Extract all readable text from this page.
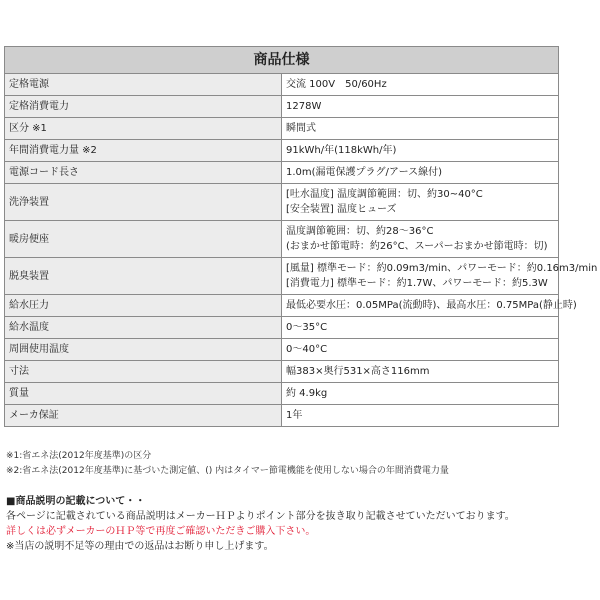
商品仕様	
定格電源	交流 100V　50/60Hz

定格消費電力	1278W

区分 ※1	瞬間式

年間消費電力量 ※2	91kWh/年(118kWh/年)

電源コード長さ	1.0m(漏電保護プラグ/アース線付)

洗浄装置	[吐水温度] 温度調節範囲：切、約30~40°C
[安全装置] 温度ヒューズ

暖房便座	温度調節範囲：切、約28～36°C
(おまかせ節電時：約26°C、スーパーおまかせ節電時：切)

脱臭装置	[風量] 標準モード：約0.09m3/min、パワーモード：約0.16m3/min
[消費電力] 標準モード：約1.7W、パワーモード：約5.3W

給水圧力	最低必要水圧：0.05MPa(流動時)、最高水圧：0.75MPa(静止時)

給水温度	0～35°C

周囲使用温度	0～40°C

寸法	幅383×奥行531×高さ116mm

質量	約 4.9kg

メーカ保証	1年
※1:省エネ法(2012年度基準)の区分
※2:省エネ法(2012年度基準)に基づいた測定値、() 内はタイマー節電機能を使用しない場合の年間消費電力量
■商品説明の記載について・・
各ページに記載されている商品説明はメーカーＨＰよりポイント部分を抜き取り記載させていただいております。
詳しくは必ずメーカーのＨＰ等で再度ご確認いただきご購入下さい。
※当店の説明不足等の理由での返品はお断り申し上げます。
